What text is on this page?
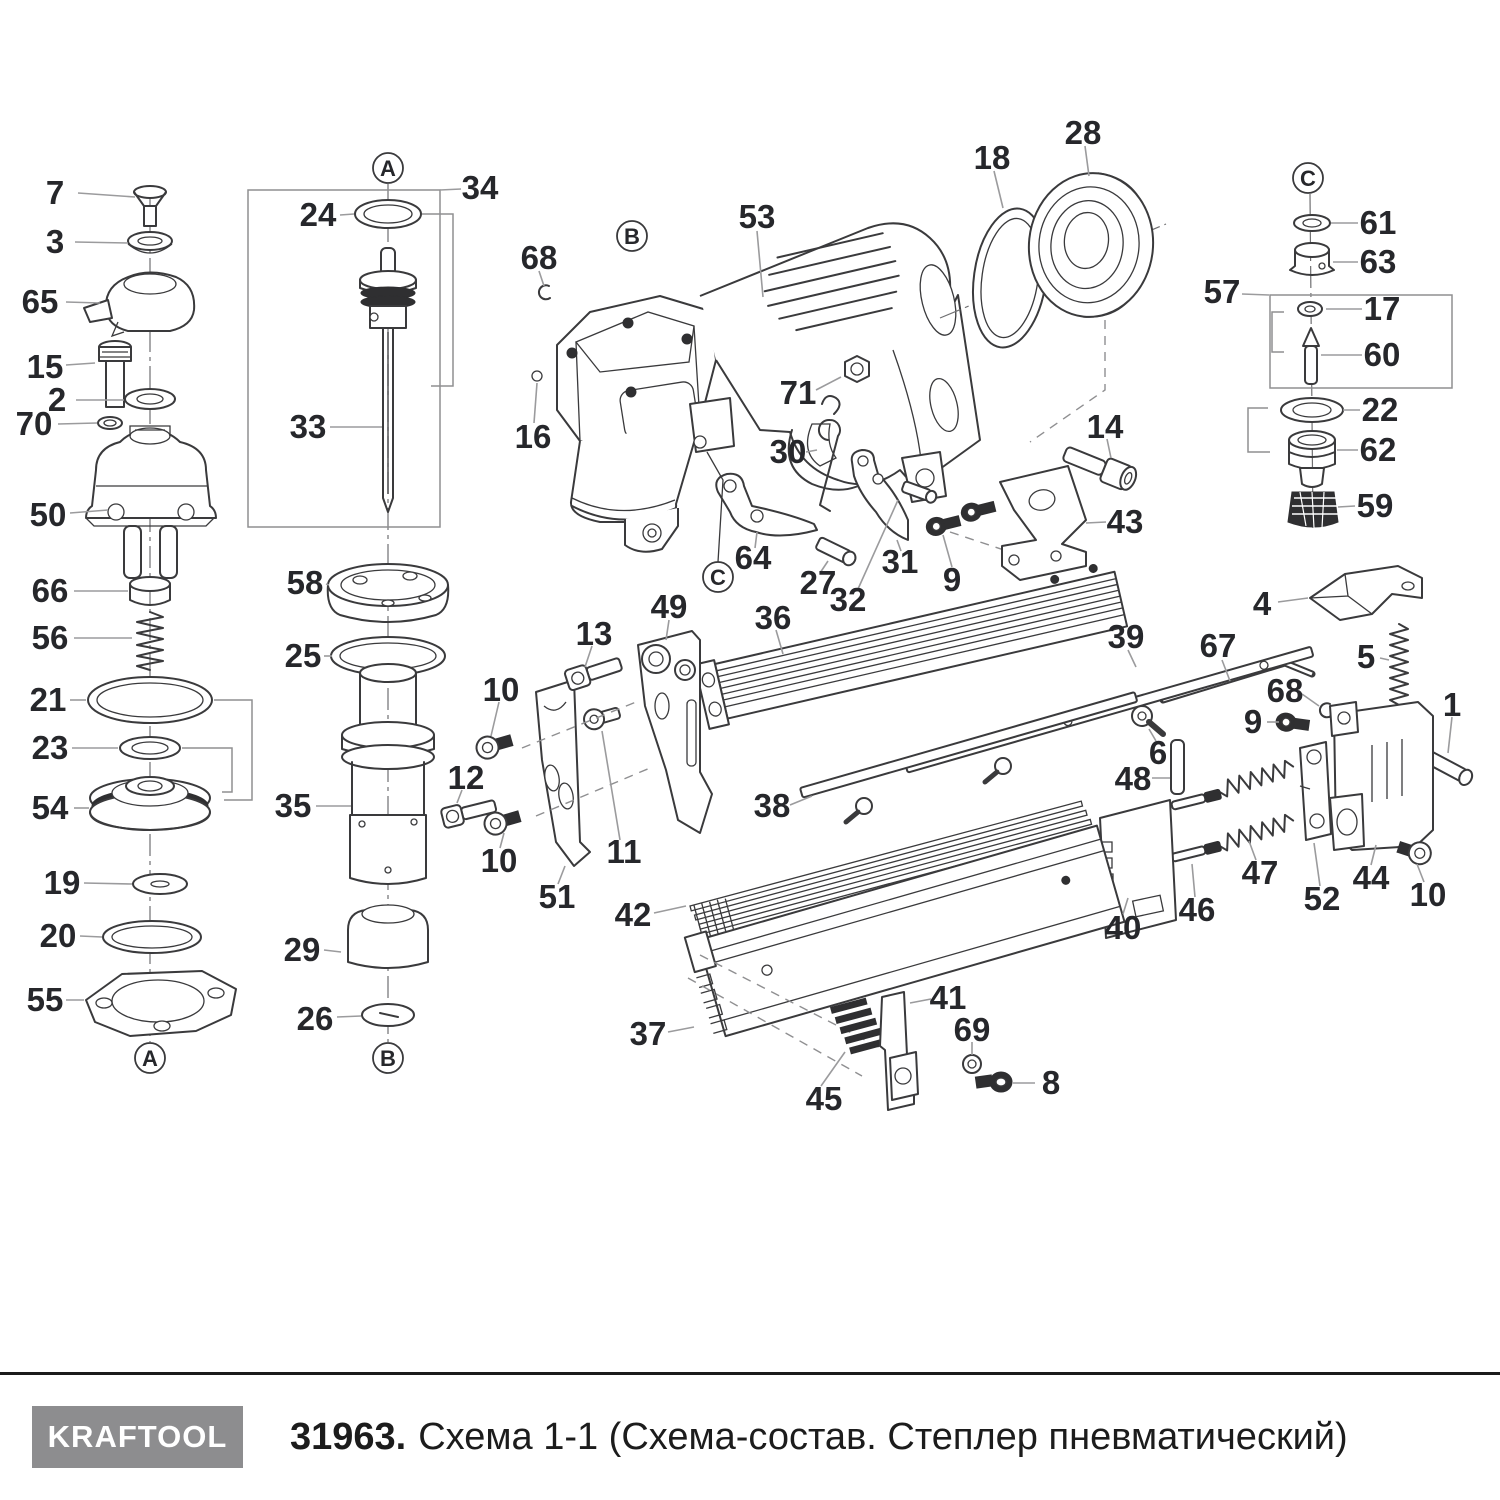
7
3
65
15
2
70
50
66
56
21
23
54
19
20
55
34
24
33
58
25
35
29
26
68
53
16
71
30
64
27
31 9
32
43
14
18
28
61
63
57	17
60
22
62
59
4
5
67
68
9	1
39
6
48
44
52 10
47
46
40
36
38
42
37
45
41
69
8
49
13
10
12
10	11
51
A
A
B
B
C
C
KRAFTOOL 31963. Схема 1-1 (Схема-состав. Степлер пневматический)
